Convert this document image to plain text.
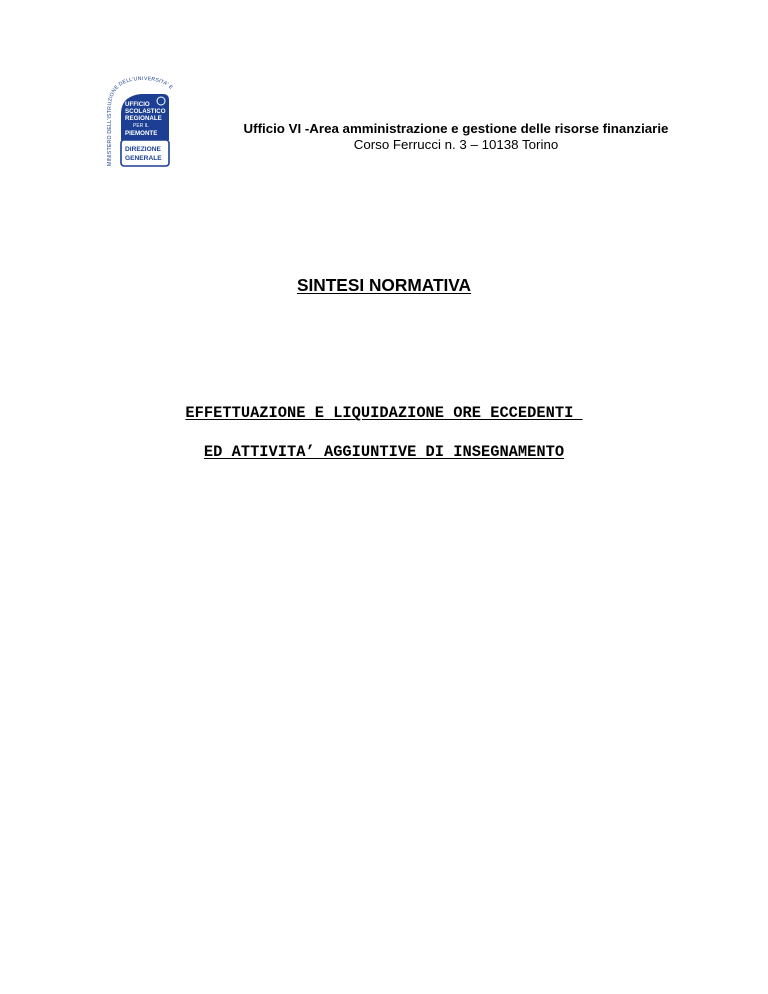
MINISTERO DELL'ISTRUZIONE DELL'UNIVERSITA' E
UFFICIO
SCOLASTICO
REGIONALE
PER IL
PIEMONTE
DIREZIONE
GENERALE
Ufficio VI -Area amministrazione e gestione delle risorse finanziarie
Corso Ferrucci n. 3 – 10138 Torino
SINTESI NORMATIVA
EFFETTUAZIONE E LIQUIDAZIONE ORE ECCEDENTI
ED ATTIVITA’ AGGIUNTIVE DI INSEGNAMENTO
